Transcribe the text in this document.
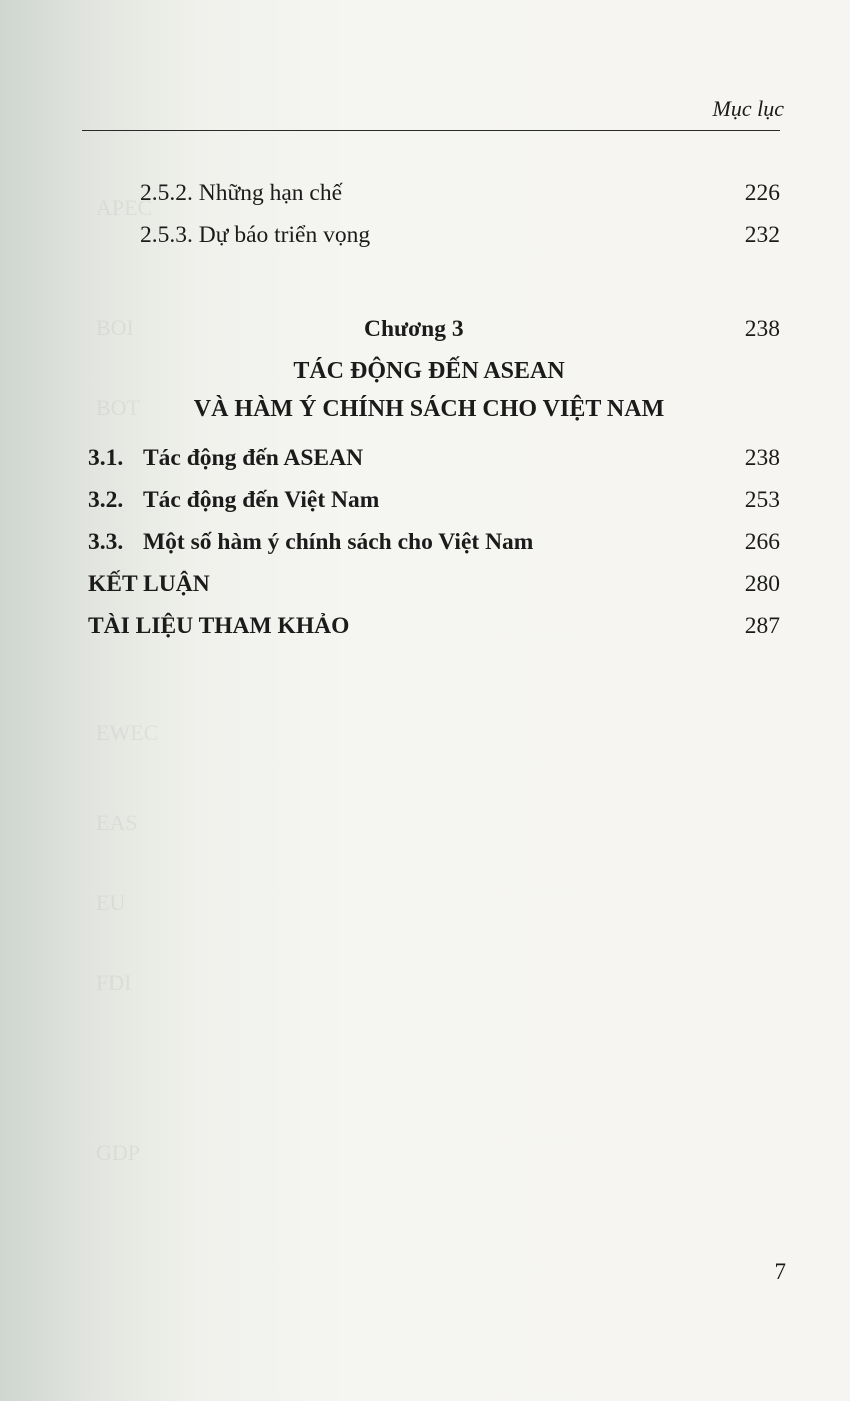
APEC
BOI
BOT
EWEC
EAS
EU
FDI
GDP
Mục lục
2.5.2. Những hạn chế	226
2.5.3. Dự báo triển vọng	232
Chương 3	238
TÁC ĐỘNG ĐẾN ASEAN
VÀ HÀM Ý CHÍNH SÁCH CHO VIỆT NAM
3.1. Tác động đến ASEAN	238
3.2. Tác động đến Việt Nam	253
3.3. Một số hàm ý chính sách cho Việt Nam	266
KẾT LUẬN	280
TÀI LIỆU THAM KHẢO	287
7
